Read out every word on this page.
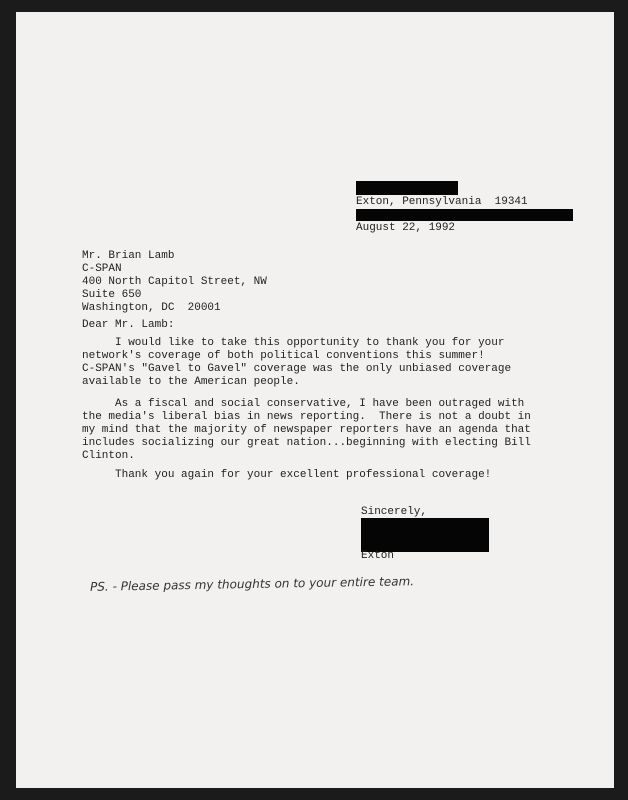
Exton, Pennsylvania  19341
August 22, 1992
Mr. Brian Lamb
C-SPAN
400 North Capitol Street, NW
Suite 650
Washington, DC  20001
Dear Mr. Lamb:
I would like to take this opportunity to thank you for your
network's coverage of both political conventions this summer!
C-SPAN's "Gavel to Gavel" coverage was the only unbiased coverage
available to the American people.
As a fiscal and social conservative, I have been outraged with
the media's liberal bias in news reporting.  There is not a doubt in
my mind that the majority of newspaper reporters have an agenda that
includes socializing our great nation...beginning with electing Bill
Clinton.
Thank you again for your excellent professional coverage!
Sincerely,
Exton
PS. - Please pass my thoughts on to your entire team.
